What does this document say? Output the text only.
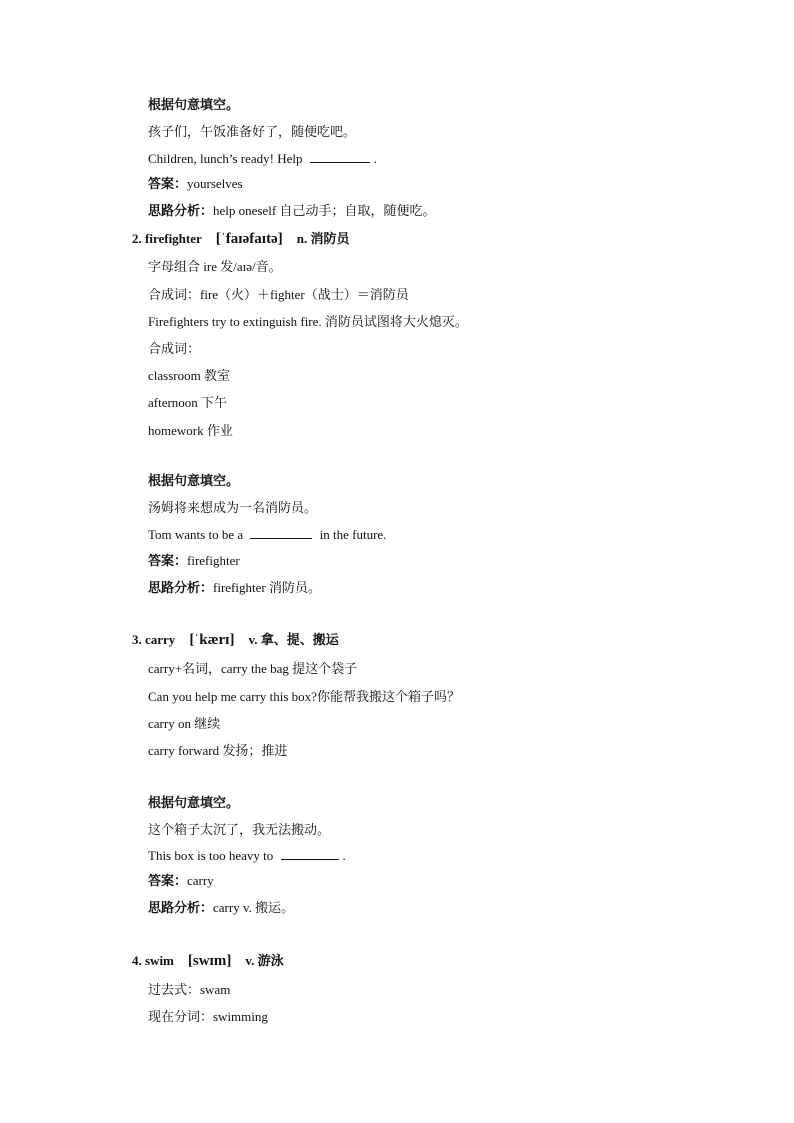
根据句意填空。
孩子们，午饭准备好了，随便吃吧。
Children, lunch’s ready! Help	.
答案：yourselves
思路分析：help oneself 自己动手；自取，随便吃。
2. firefighter [ˈfaɪəfaɪtə] n. 消防员
字母组合 ire 发/aɪə/音。
合成词：fire（火）＋fighter（战士）＝消防员
Firefighters try to extinguish fire. 消防员试图将大火熄灭。
合成词：
classroom 教室
afternoon 下午
homework 作业
根据句意填空。
汤姆将来想成为一名消防员。
Tom wants to be a	in the future.
答案：firefighter
思路分析：firefighter 消防员。
3. carry [ˈkærɪ] v. 拿、提、搬运
carry+名词，carry the bag 提这个袋子
Can you help me carry this box?你能帮我搬这个箱子吗？
carry on 继续
carry forward 发扬；推进
根据句意填空。
这个箱子太沉了，我无法搬动。
This box is too heavy to	.
答案：carry
思路分析：carry v. 搬运。
4. swim [swɪm] v. 游泳
过去式：swam
现在分词：swimming
